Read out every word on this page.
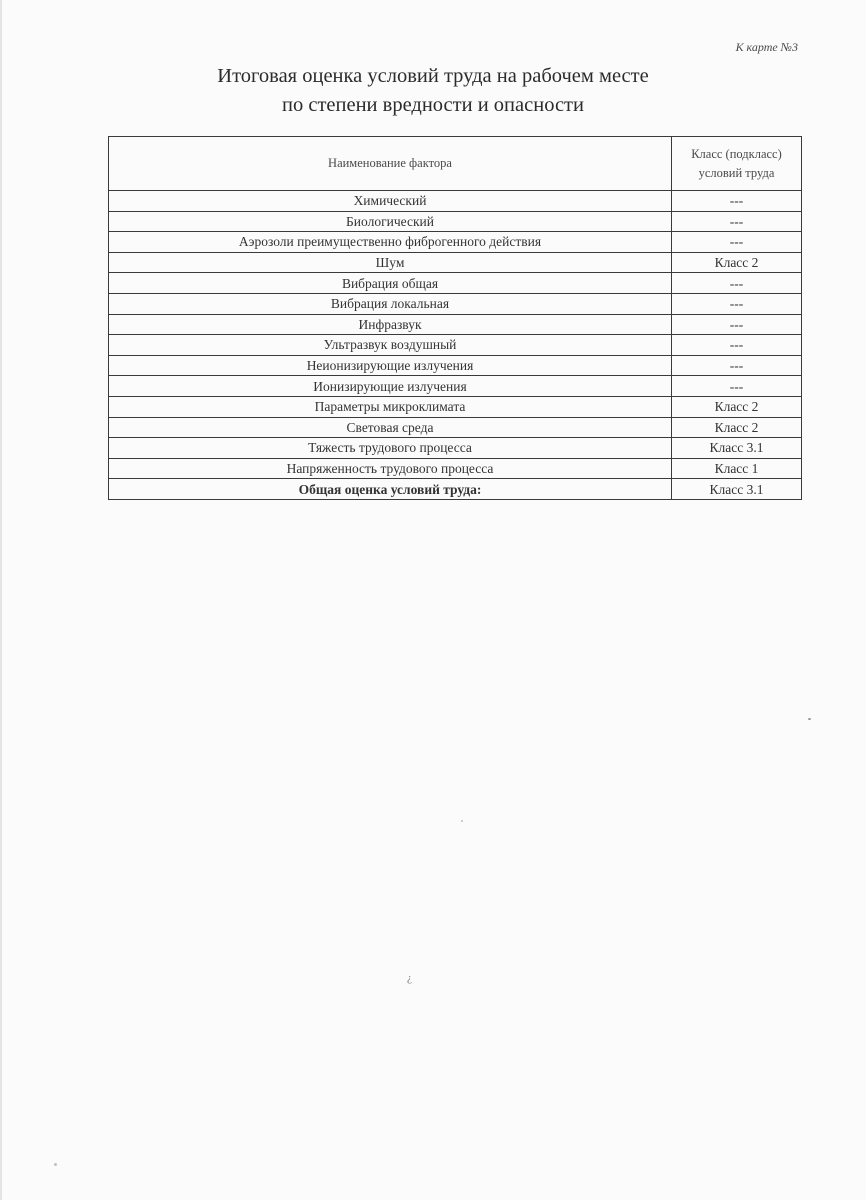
К карте №3
Итоговая оценка условий труда на рабочем месте
по степени вредности и опасности
Наименование фактора	Класс (подкласс) условий труда
Химический	---
Биологический	---
Аэрозоли преимущественно фиброгенного действия	---
Шум	Класс 2
Вибрация общая	---
Вибрация локальная	---
Инфразвук	---
Ультразвук воздушный	---
Неионизирующие излучения	---
Ионизирующие излучения	---
Параметры микроклимата	Класс 2
Световая среда	Класс 2
Тяжесть трудового процесса	Класс 3.1
Напряженность трудового процесса	Класс 1
Общая оценка условий труда:	Класс 3.1
¿
